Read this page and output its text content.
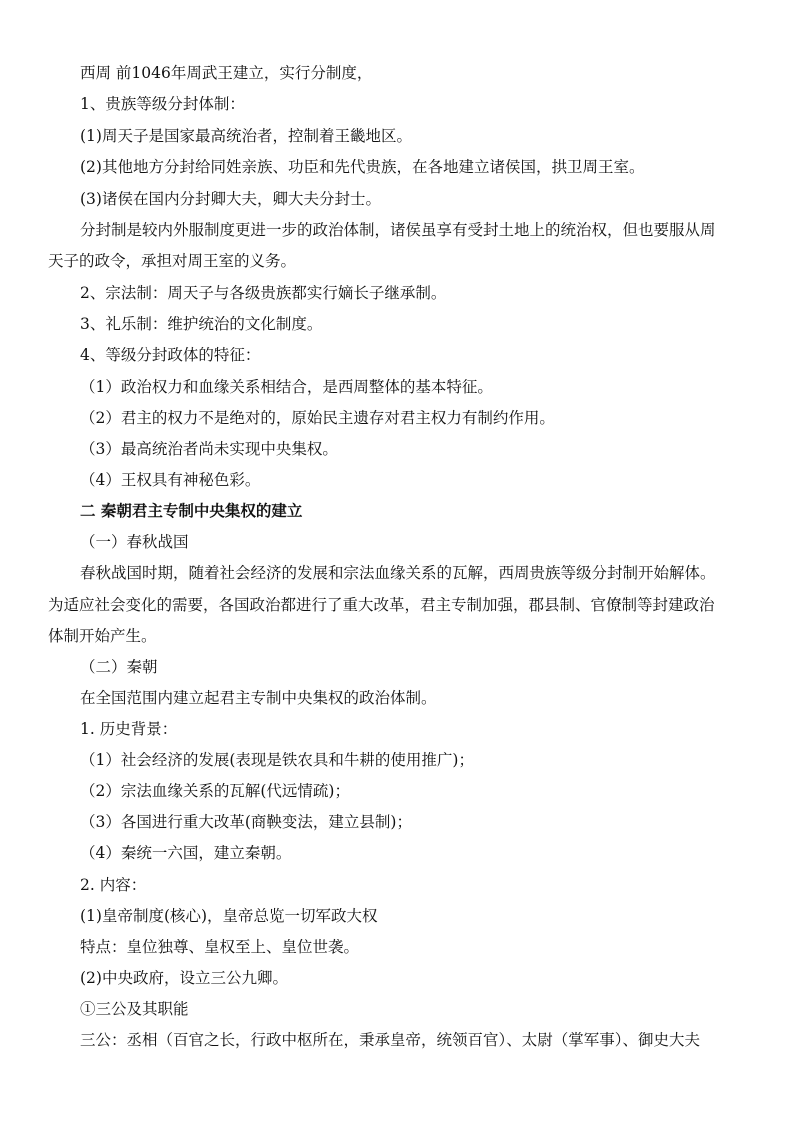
西周 前1046年周武王建立，实行分制度，
1、贵族等级分封体制：
(1)周天子是国家最高统治者，控制着王畿地区。
(2)其他地方分封给同姓亲族、功臣和先代贵族，在各地建立诸侯国，拱卫周王室。
(3)诸侯在国内分封卿大夫，卿大夫分封士。
分封制是较内外服制度更进一步的政治体制，诸侯虽享有受封土地上的统治权，但也要服从周
天子的政令，承担对周王室的义务。
2、宗法制：周天子与各级贵族都实行嫡长子继承制。
3、礼乐制：维护统治的文化制度。
4、等级分封政体的特征：
（1）政治权力和血缘关系相结合，是西周整体的基本特征。
（2）君主的权力不是绝对的，原始民主遗存对君主权力有制约作用。
（3）最高统治者尚未实现中央集权。
（4）王权具有神秘色彩。
二 秦朝君主专制中央集权的建立
（一）春秋战国
春秋战国时期，随着社会经济的发展和宗法血缘关系的瓦解，西周贵族等级分封制开始解体。
为适应社会变化的需要，各国政治都进行了重大改革，君主专制加强，郡县制、官僚制等封建政治
体制开始产生。
（二）秦朝
在全国范围内建立起君主专制中央集权的政治体制。
1. 历史背景：
（1）社会经济的发展(表现是铁农具和牛耕的使用推广)；
（2）宗法血缘关系的瓦解(代远情疏)；
（3）各国进行重大改革(商鞅变法，建立县制)；
（4）秦统一六国，建立秦朝。
2. 内容：
(1)皇帝制度(核心)，皇帝总览一切军政大权
特点：皇位独尊、皇权至上、皇位世袭。
(2)中央政府，设立三公九卿。
①三公及其职能
三公：丞相（百官之长，行政中枢所在，秉承皇帝，统领百官）、太尉（掌军事）、御史大夫
